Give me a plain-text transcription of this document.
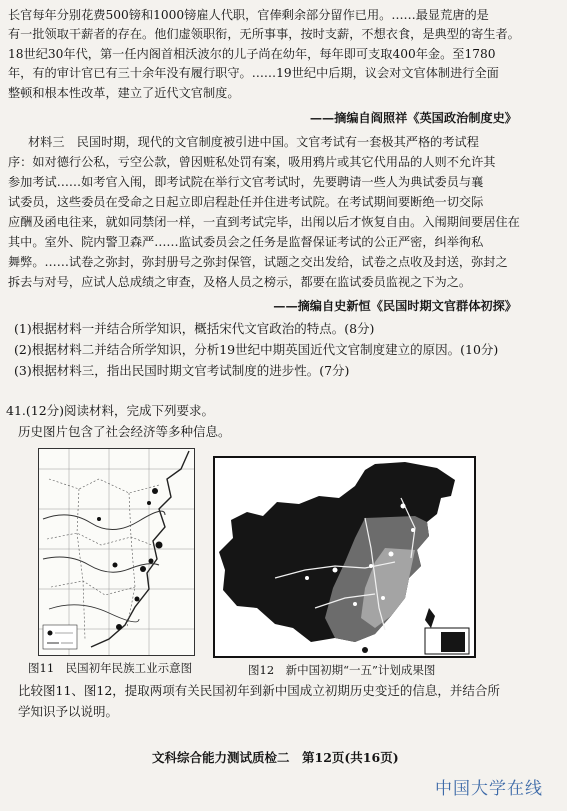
长官每年分别花费500镑和1000镑雇人代职，官俸剩余部分留作已用。……最显荒唐的是
有一批领取干薪者的存在。他们虚领职衔，无所事事，按时支薪，不想衣食，是典型的寄生者。
18世纪30年代，第一任内阁首相沃波尔的儿子尚在幼年，每年即可支取400年金。至1780
年，有的审计官已有三十余年没有履行职守。……19世纪中后期，议会对文官体制进行全面
整顿和根本性改革，建立了近代文官制度。
——摘编自阎照祥《英国政治制度史》
材料三　民国时期，现代的文官制度被引进中国。文官考试有一套极其严格的考试程
序：如对德行公私，亏空公款，曾因赃私处罚有案，吸用鸦片或其它代用品的人则不允许其
参加考试……如考官入闱，即考试院在举行文官考试时，先要聘请一些人为典试委员与襄
试委员，这些委员在受命之日起立即启程赴任并住进考试院。在考试期间要断绝一切交际
应酬及函电往来，就如同禁闭一样，一直到考试完毕，出闱以后才恢复自由。入闱期间要居住在
其中。室外、院内警卫森严……监试委员会之任务是监督保证考试的公正严密，纠举徇私
舞弊。……试卷之弥封，弥封册号之弥封保管，试题之交出发给，试卷之点收及封送，弥封之
拆去与对号，应试人总成绩之审查，及格人员之榜示，都要在监试委员监视之下为之。
——摘编自史新恒《民国时期文官群体初探》
(1)根据材料一并结合所学知识，概括宋代文官政治的特点。(8分)
(2)根据材料二并结合所学知识，分析19世纪中期英国近代文官制度建立的原因。(10分)
(3)根据材料三，指出民国时期文官考试制度的进步性。(7分)
41.(12分)阅读材料，完成下列要求。
历史图片包含了社会经济等多种信息。
图11　民国初年民族工业示意图	图12　新中国初期“一五”计划成果图
比较图11、图12，提取两项有关民国初年到新中国成立初期历史变迁的信息，并结合所
学知识予以说明。
文科综合能力测试质检二　第12页(共16页)
中国大学在线
